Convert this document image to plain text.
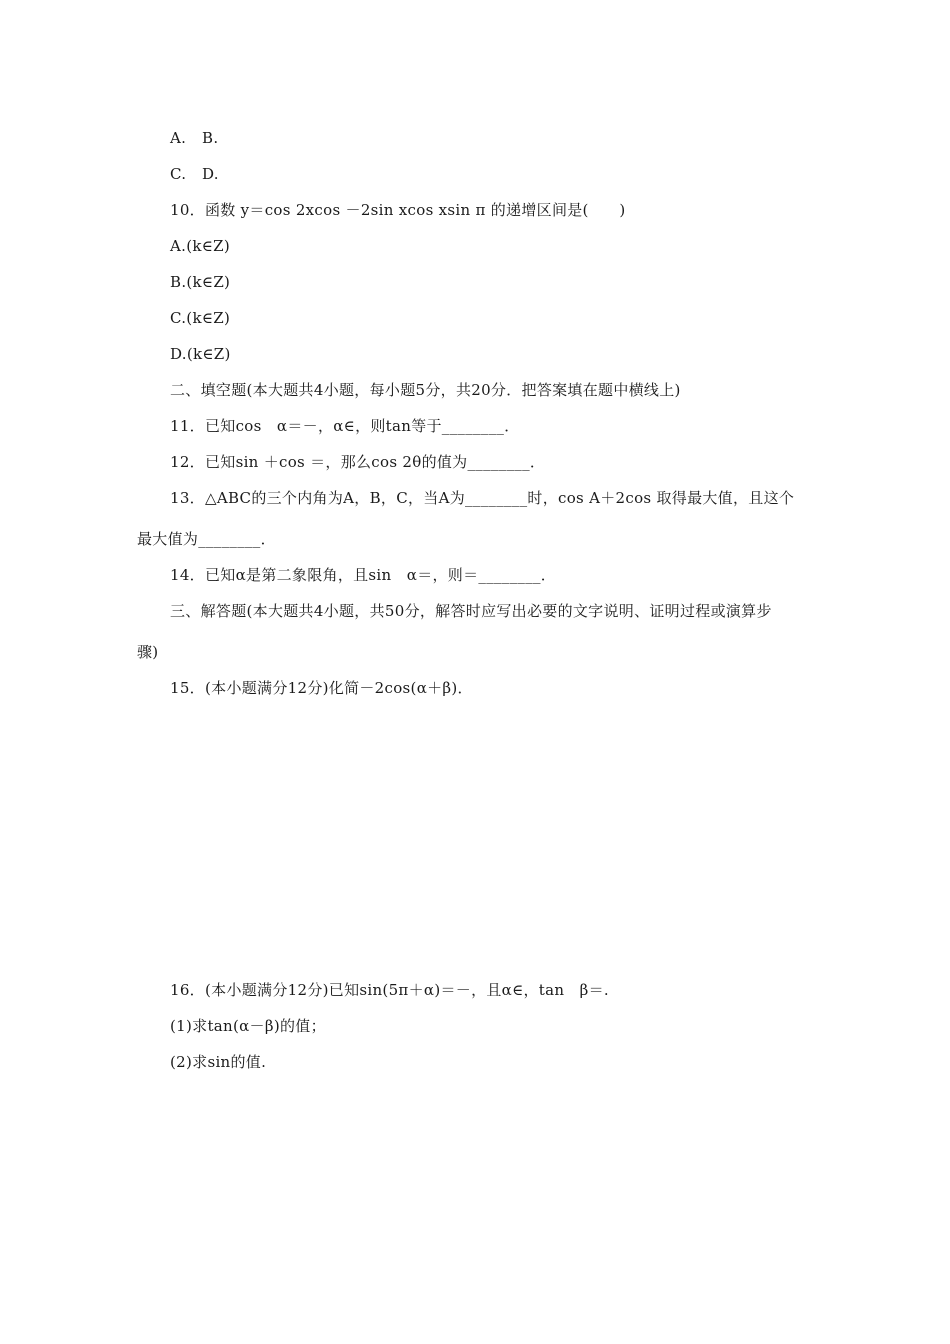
A. B.
C. D.
10．函数 y＝cos 2xcos －2sin xcos xsin π 的递增区间是(　　)
A.(k∈Z)
B.(k∈Z)
C.(k∈Z)
D.(k∈Z)
二、填空题(本大题共4小题，每小题5分，共20分．把答案填在题中横线上)
11．已知cos　α＝－，α∈，则tan等于________．
12．已知sin ＋cos ＝，那么cos 2θ的值为________．
13．△ABC的三个内角为A，B，C，当A为________时，cos A＋2cos 取得最大值，且这个
最大值为________．
14．已知α是第二象限角，且sin　α＝，则＝________．
三、解答题(本大题共4小题，共50分，解答时应写出必要的文字说明、证明过程或演算步
骤)
15．(本小题满分12分)化简－2cos(α＋β)．
16．(本小题满分12分)已知sin(5π＋α)＝－，且α∈，tan　β＝.
(1)求tan(α－β)的值；
(2)求sin的值.
